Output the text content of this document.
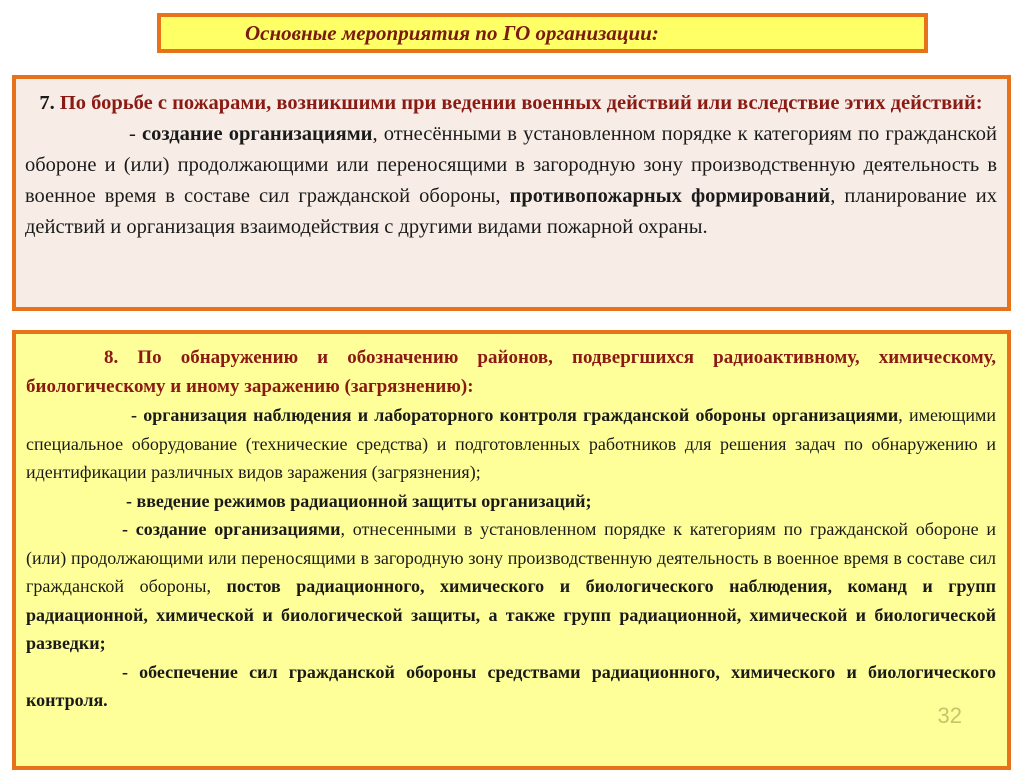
Основные мероприятия по ГО организации:
7. По борьбе с пожарами, возникшими при ведении военных действий или вследствие этих действий:
- создание организациями, отнесёнными в установленном порядке к категориям по гражданской обороне и (или) продолжающими или переносящими в загородную зону производственную деятельность в военное время в составе сил гражданской обороны, противопожарных формирований, планирование их действий и организация взаимодействия с другими видами пожарной охраны.
8. По обнаружению и обозначению районов, подвергшихся радиоактивному, химическому, биологическому и иному заражению (загрязнению):
- организация наблюдения и лабораторного контроля гражданской обороны организациями, имеющими специальное оборудование (технические средства) и подготовленных работников для решения задач по обнаружению и идентификации различных видов заражения (загрязнения);
- введение режимов радиационной защиты организаций;
- создание организациями, отнесенными в установленном порядке к категориям по гражданской обороне и (или) продолжающими или переносящими в загородную зону производственную деятельность в военное время в составе сил гражданской обороны, постов радиационного, химического и биологического наблюдения, команд и групп радиационной, химической и биологической защиты, а также групп радиационной, химической и биологической разведки;
- обеспечение сил гражданской обороны средствами радиационного, химического и биологического контроля.
32
